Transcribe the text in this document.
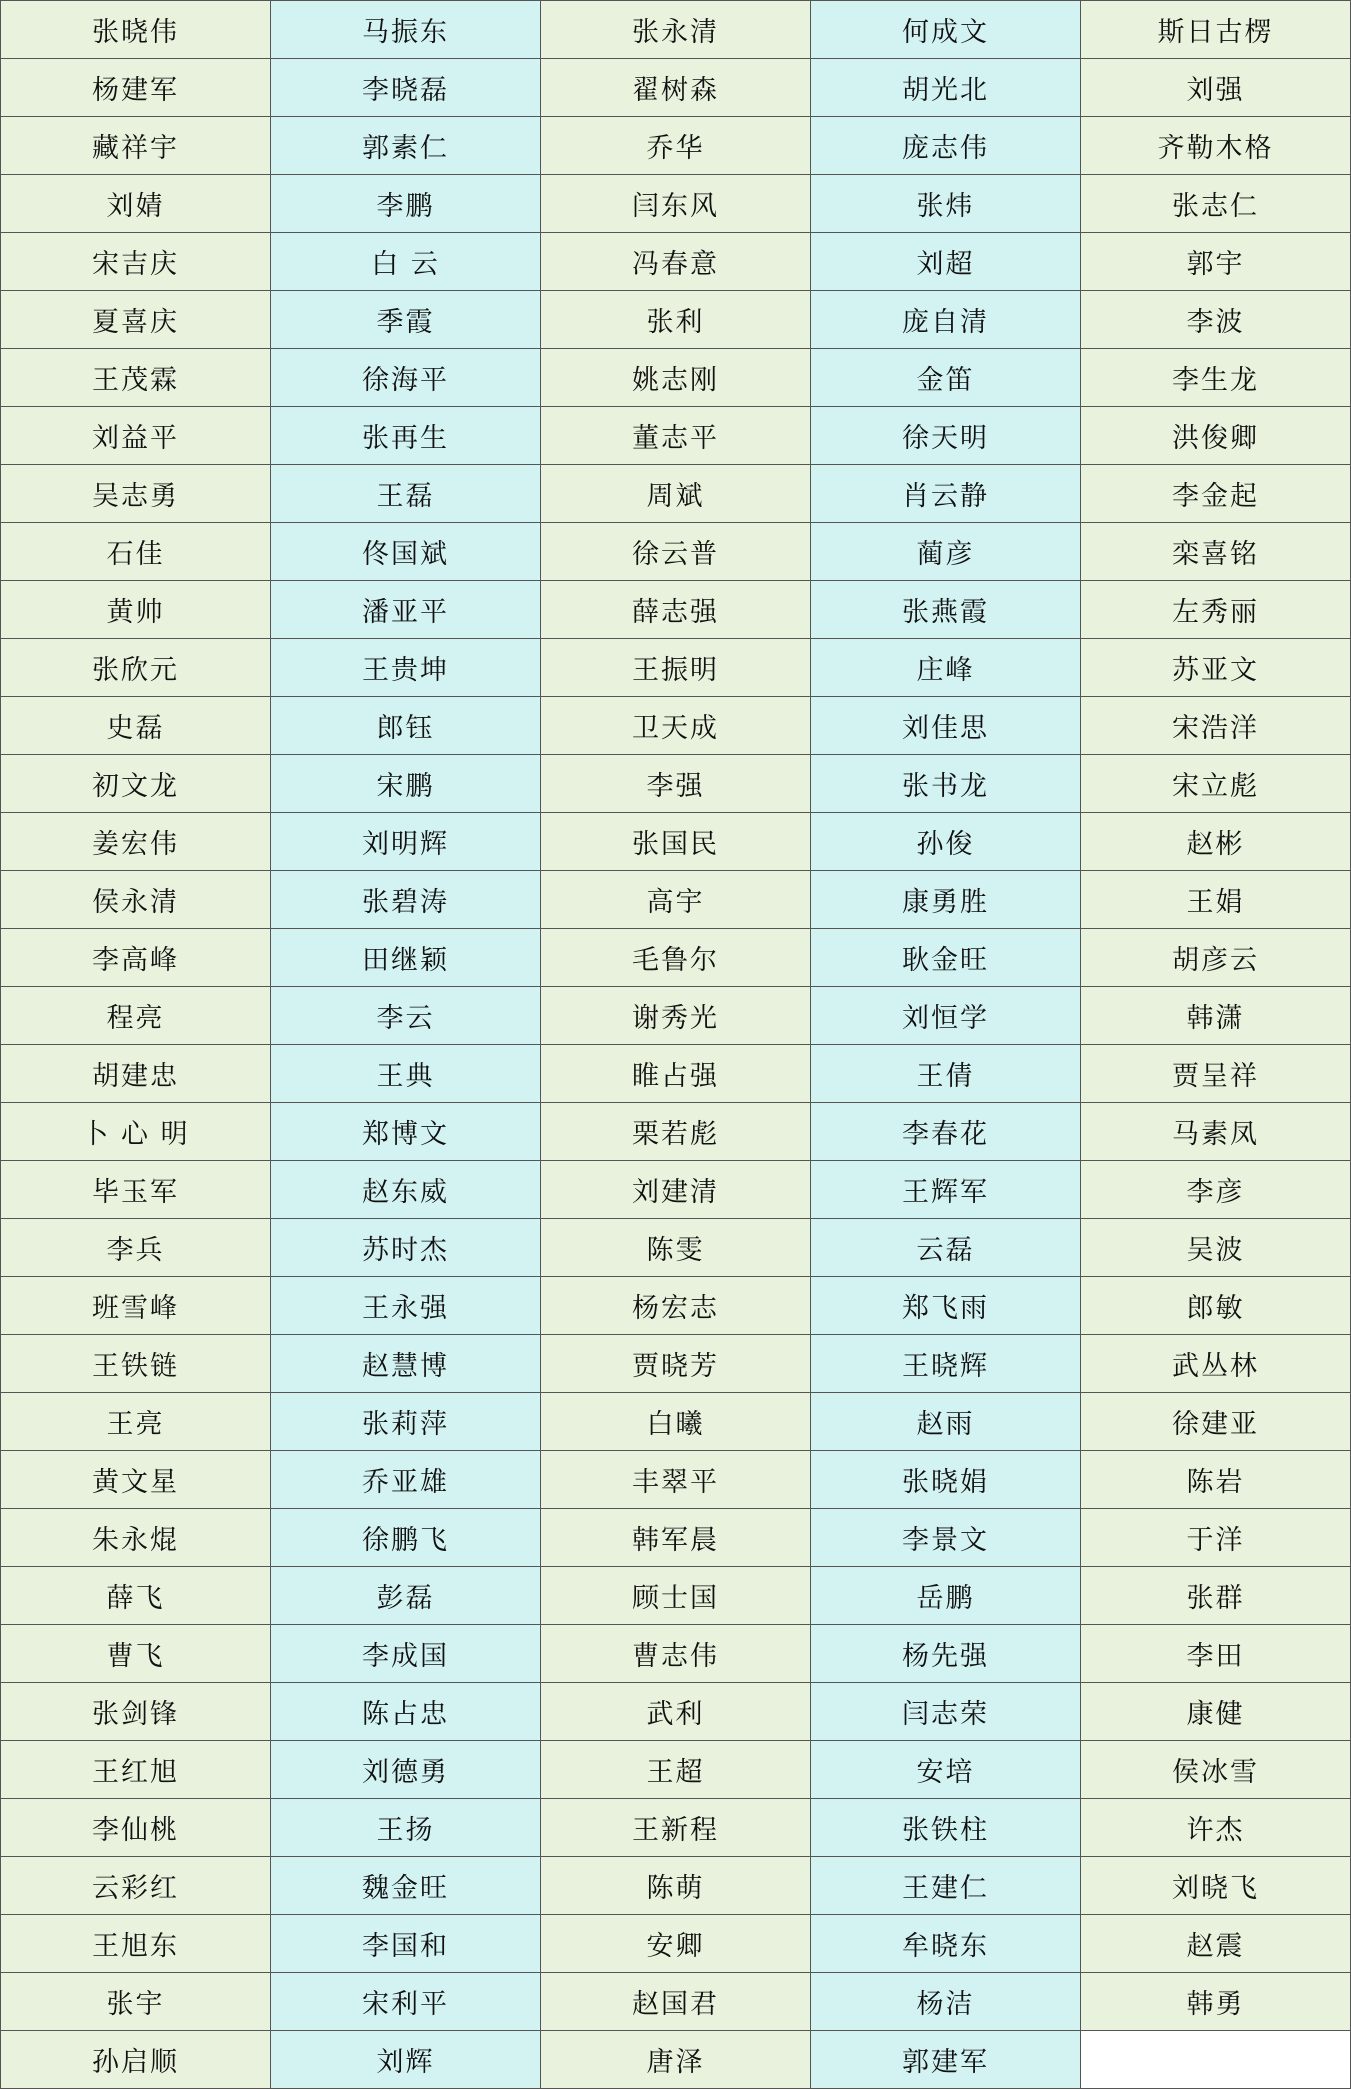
张晓伟	马振东	张永清	何成文	斯日古楞
杨建军	李晓磊	翟树森	胡光北	刘强
藏祥宇	郭素仁	乔华	庞志伟	齐勒木格
刘婧	李鹏	闫东风	张炜	张志仁
宋吉庆	白 云	冯春意	刘超	郭宇
夏喜庆	季霞	张利	庞自清	李波
王茂霖	徐海平	姚志刚	金笛	李生龙
刘益平	张再生	董志平	徐天明	洪俊卿
吴志勇	王磊	周斌	肖云静	李金起
石佳	佟国斌	徐云普	蔺彦	栾喜铭
黄帅	潘亚平	薛志强	张燕霞	左秀丽
张欣元	王贵坤	王振明	庄峰	苏亚文
史磊	郎钰	卫天成	刘佳思	宋浩洋
初文龙	宋鹏	李强	张书龙	宋立彪
姜宏伟	刘明辉	张国民	孙俊	赵彬
侯永清	张碧涛	高宇	康勇胜	王娟
李高峰	田继颖	毛鲁尔	耿金旺	胡彦云
程亮	李云	谢秀光	刘恒学	韩潇
胡建忠	王典	睢占强	王倩	贾呈祥
卜 心 明	郑博文	栗若彪	李春花	马素凤
毕玉军	赵东威	刘建清	王辉军	李彦
李兵	苏时杰	陈雯	云磊	吴波
班雪峰	王永强	杨宏志	郑飞雨	郎敏
王铁链	赵慧博	贾晓芳	王晓辉	武丛林
王亮	张莉萍	白曦	赵雨	徐建亚
黄文星	乔亚雄	丰翠平	张晓娟	陈岩
朱永焜	徐鹏飞	韩军晨	李景文	于洋
薛飞	彭磊	顾士国	岳鹏	张群
曹飞	李成国	曹志伟	杨先强	李田
张剑锋	陈占忠	武利	闫志荣	康健
王红旭	刘德勇	王超	安培	侯冰雪
李仙桃	王扬	王新程	张铁柱	许杰
云彩红	魏金旺	陈萌	王建仁	刘晓飞
王旭东	李国和	安卿	牟晓东	赵震
张宇	宋利平	赵国君	杨洁	韩勇
孙启顺	刘辉	唐泽	郭建军	
